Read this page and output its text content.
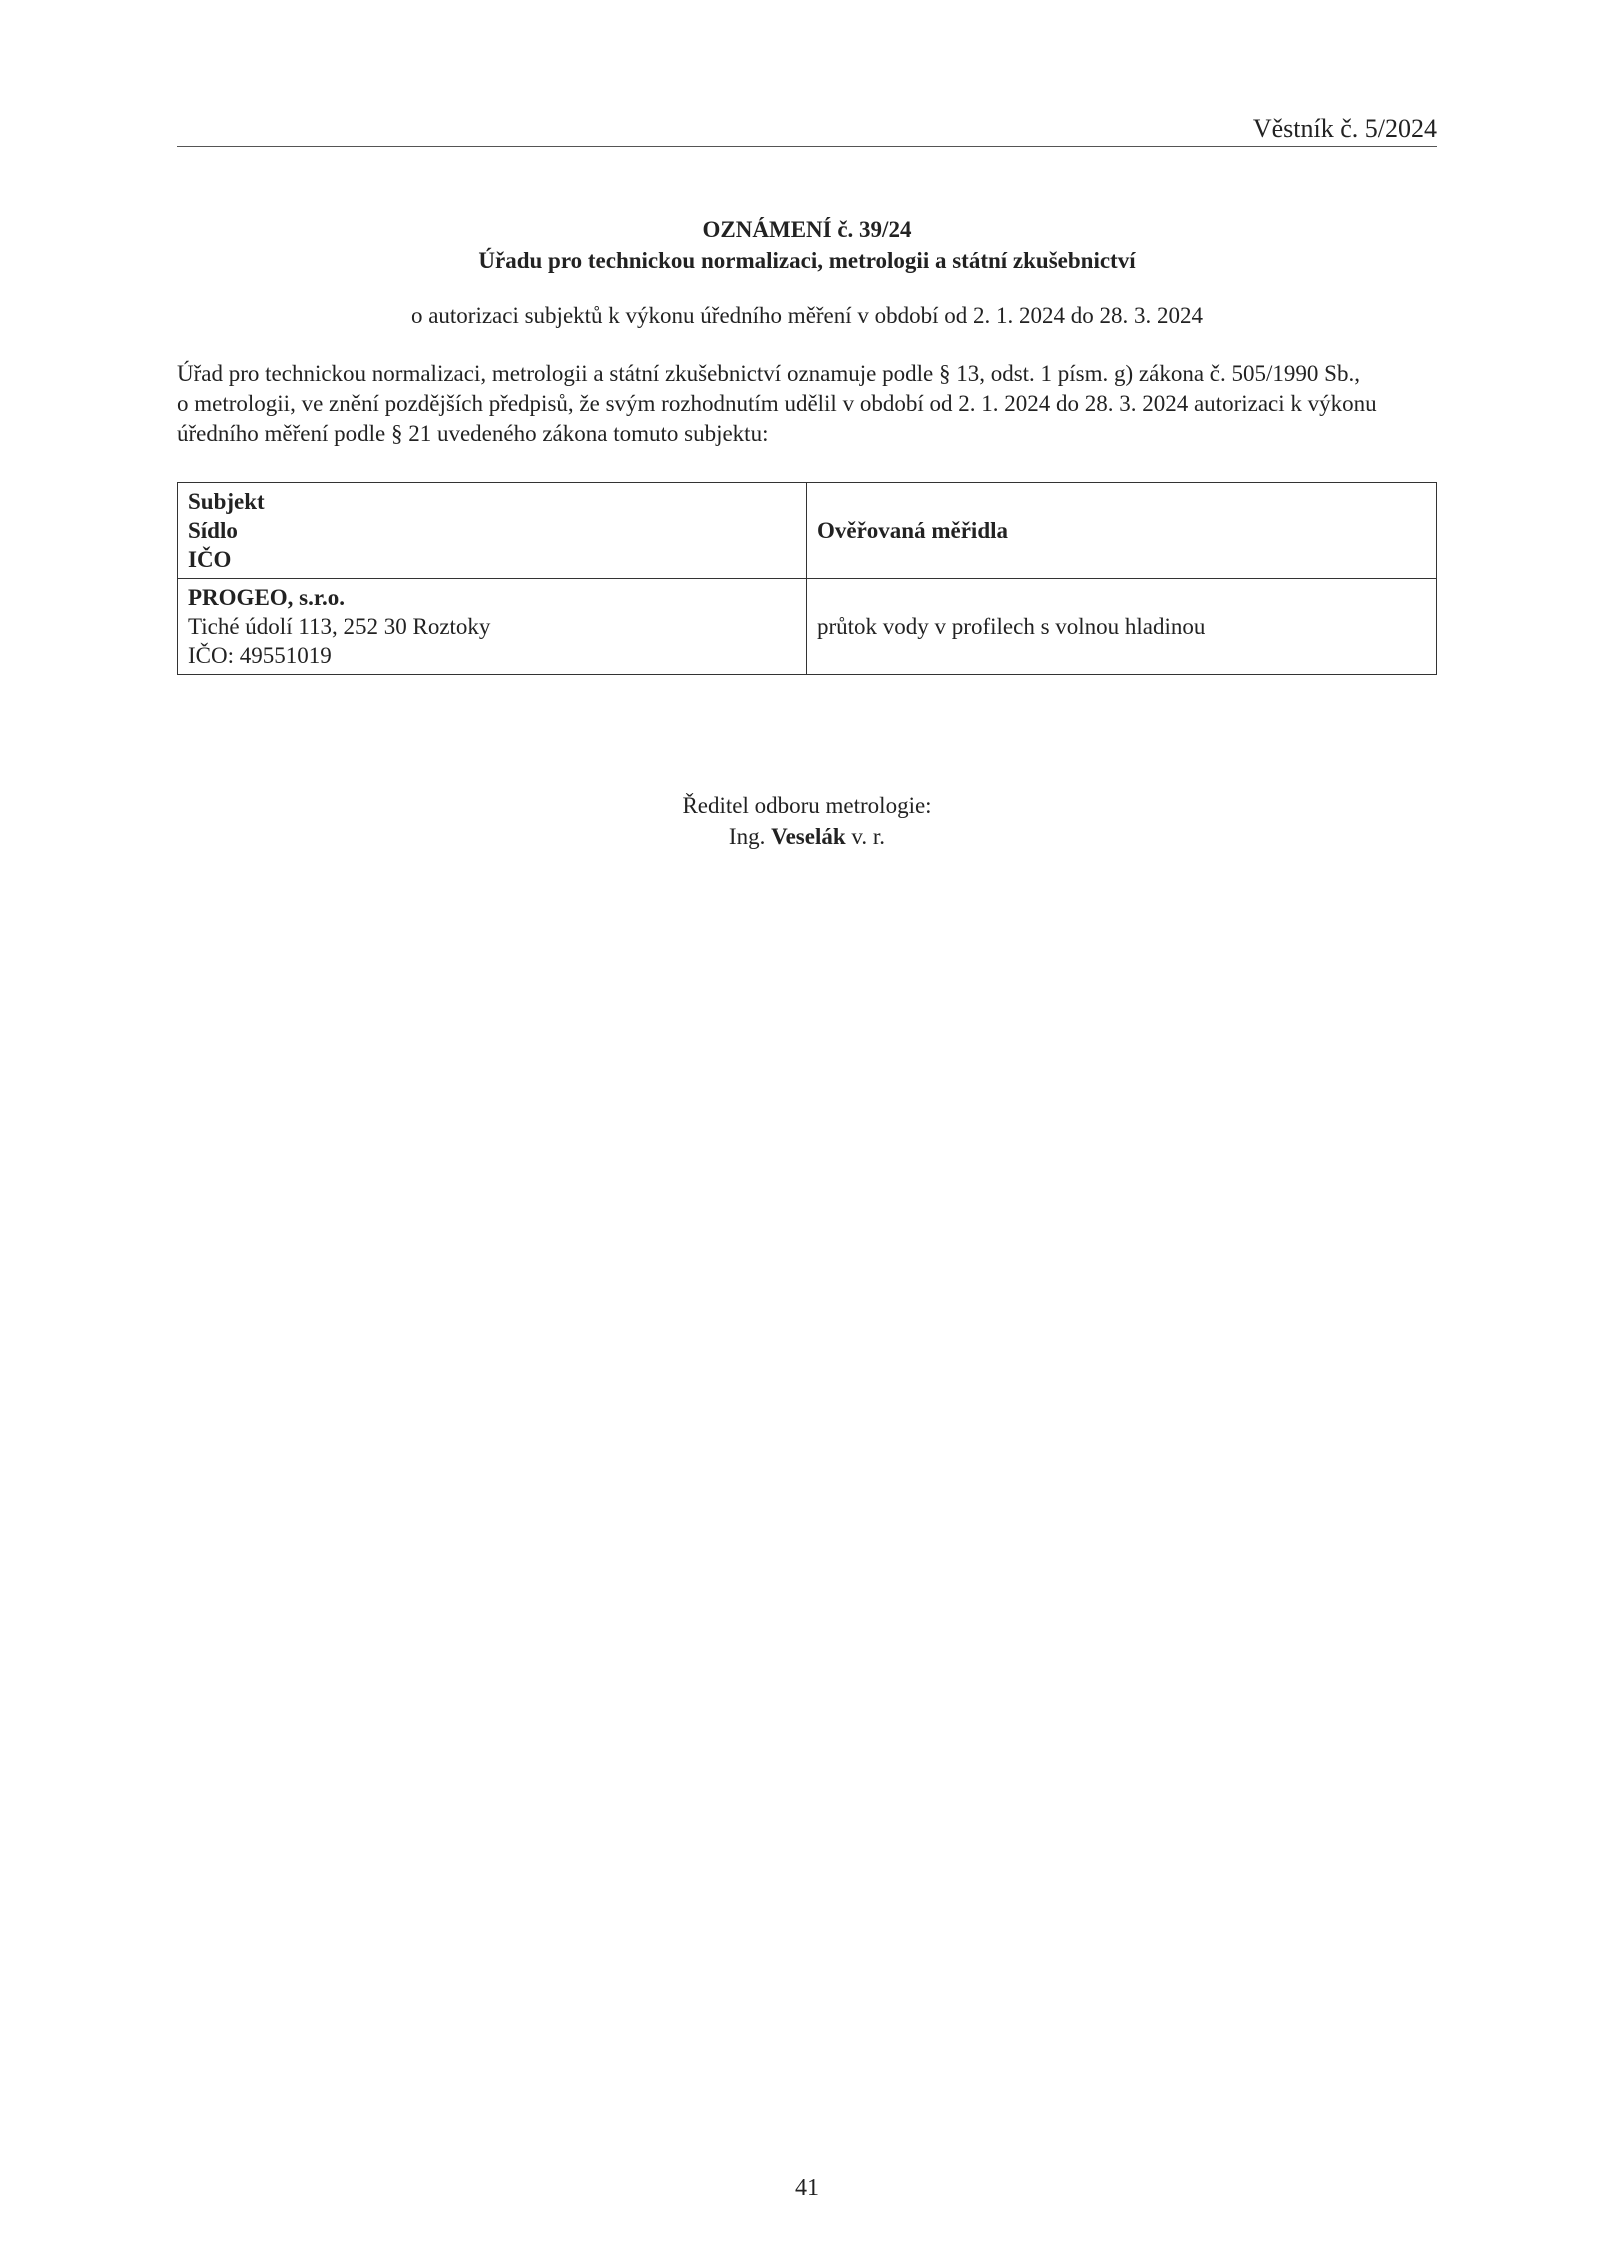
Věstník č. 5/2024
OZNÁMENÍ č. 39/24
Úřadu pro technickou normalizaci, metrologii a státní zkušebnictví
o autorizaci subjektů k výkonu úředního měření v období od 2. 1. 2024 do 28. 3. 2024

Úřad pro technickou normalizaci, metrologii a státní zkušebnictví oznamuje podle § 13, odst. 1 písm. g) zákona č. 505/1990 Sb.,

o metrologii, ve znění pozdějších předpisů, že svým rozhodnutím udělil v období od 2. 1. 2024 do 28. 3. 2024 autorizaci k výkonu

úředního měření podle § 21 uvedeného zákona tomuto subjektu:

Subjekt
Sídlo
IČO	Ověřovaná měřidla

PROGEO, s.r.o.
Tiché údolí 113, 252 30 Roztoky
IČO: 49551019	průtok vody v profilech s volnou hladinou
Ředitel odboru metrologie:
Ing. Veselák v. r.
41
